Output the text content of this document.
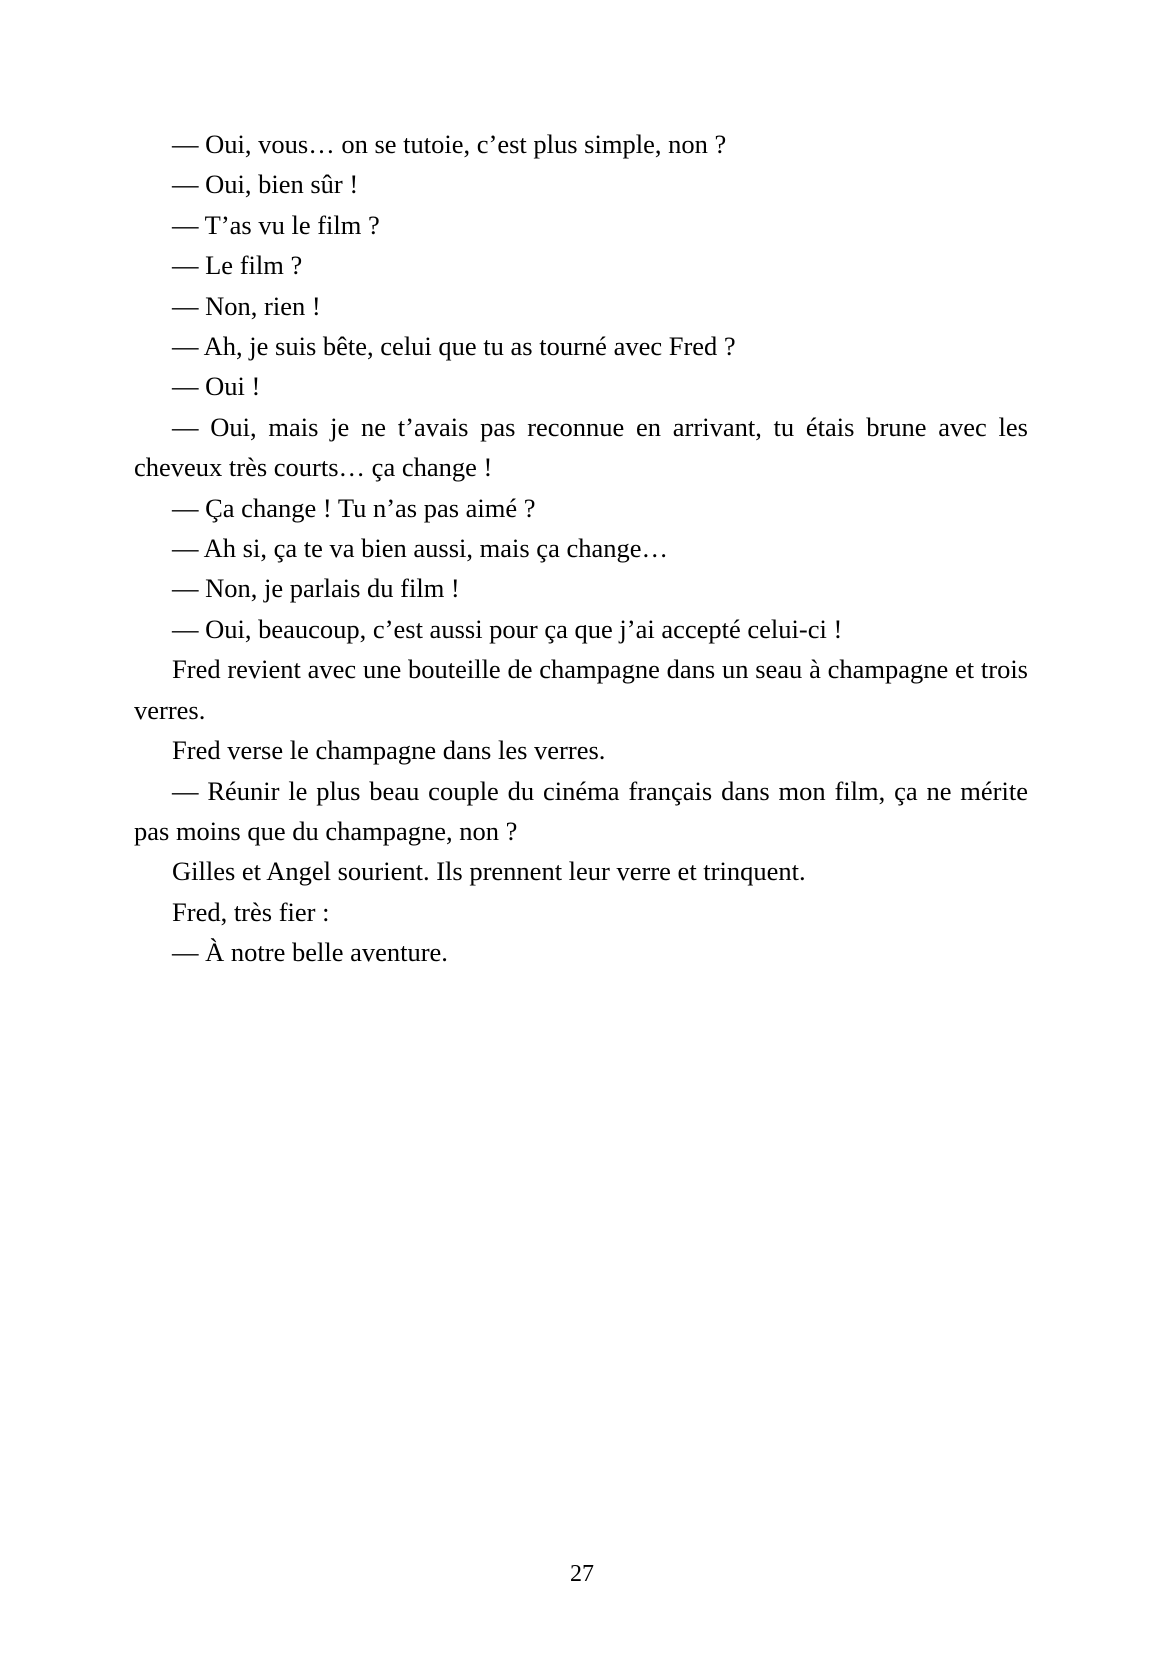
— Oui, vous… on se tutoie, c’est plus simple, non ?

— Oui, bien sûr !

— T’as vu le film ?

— Le film ?

— Non, rien !

— Ah, je suis bête, celui que tu as tourné avec Fred ?

— Oui !

— Oui, mais je ne t’avais pas reconnue en arrivant, tu étais brune avec les cheveux très courts… ça change !

— Ça change ! Tu n’as pas aimé ?

— Ah si, ça te va bien aussi, mais ça change…

— Non, je parlais du film !

— Oui, beaucoup, c’est aussi pour ça que j’ai accepté celui-ci !

Fred revient avec une bouteille de champagne dans un seau à champagne et trois verres.

Fred verse le champagne dans les verres.

— Réunir le plus beau couple du cinéma français dans mon film, ça ne mérite pas moins que du champagne, non ?

Gilles et Angel sourient. Ils prennent leur verre et trinquent.

Fred, très fier :

— À notre belle aventure.

27
